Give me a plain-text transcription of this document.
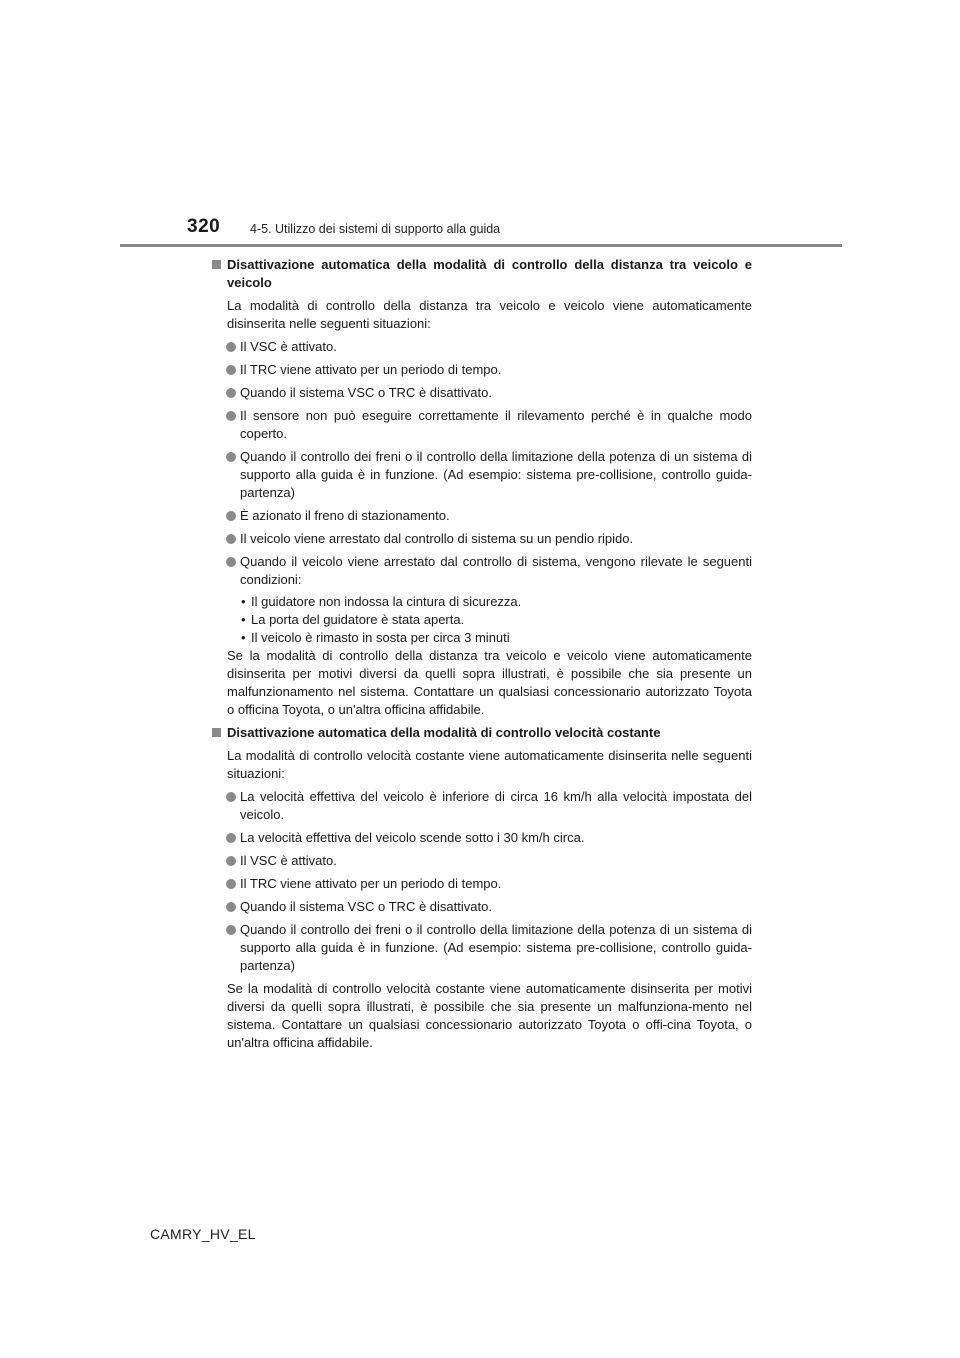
320 4-5. Utilizzo dei sistemi di supporto alla guida
Disattivazione automatica della modalità di controllo della distanza tra veicolo e veicolo
La modalità di controllo della distanza tra veicolo e veicolo viene automaticamente disinserita nelle seguenti situazioni:
Il VSC è attivato.
Il TRC viene attivato per un periodo di tempo.
Quando il sistema VSC o TRC è disattivato.
Il sensore non può eseguire correttamente il rilevamento perché è in qualche modo coperto.
Quando il controllo dei freni o il controllo della limitazione della potenza di un sistema di supporto alla guida è in funzione. (Ad esempio: sistema pre-collisione, controllo guida-partenza)
È azionato il freno di stazionamento.
Il veicolo viene arrestato dal controllo di sistema su un pendio ripido.
Quando il veicolo viene arrestato dal controllo di sistema, vengono rilevate le seguenti condizioni:
• Il guidatore non indossa la cintura di sicurezza.
• La porta del guidatore è stata aperta.
• Il veicolo è rimasto in sosta per circa 3 minuti
Se la modalità di controllo della distanza tra veicolo e veicolo viene automaticamente disinserita per motivi diversi da quelli sopra illustrati, è possibile che sia presente un malfunzionamento nel sistema. Contattare un qualsiasi concessionario autorizzato Toyota o officina Toyota, o un'altra officina affidabile.
Disattivazione automatica della modalità di controllo velocità costante
La modalità di controllo velocità costante viene automaticamente disinserita nelle seguenti situazioni:
La velocità effettiva del veicolo è inferiore di circa 16 km/h alla velocità impostata del veicolo.
La velocità effettiva del veicolo scende sotto i 30 km/h circa.
Il VSC è attivato.
Il TRC viene attivato per un periodo di tempo.
Quando il sistema VSC o TRC è disattivato.
Quando il controllo dei freni o il controllo della limitazione della potenza di un sistema di supporto alla guida è in funzione. (Ad esempio: sistema pre-collisione, controllo guida-partenza)
Se la modalità di controllo velocità costante viene automaticamente disinserita per motivi diversi da quelli sopra illustrati, è possibile che sia presente un malfunziona-mento nel sistema. Contattare un qualsiasi concessionario autorizzato Toyota o offi-cina Toyota, o un'altra officina affidabile.
CAMRY_HV_EL
